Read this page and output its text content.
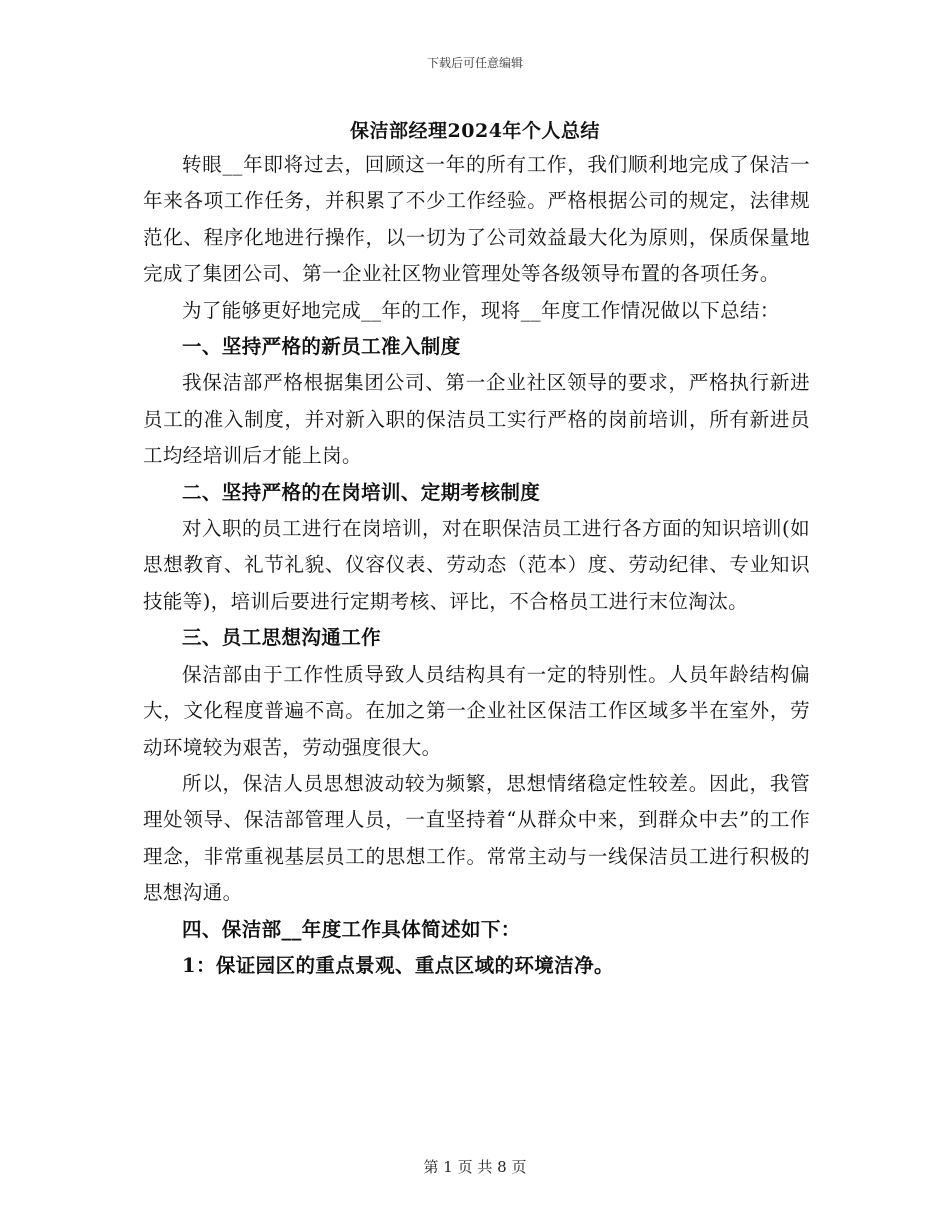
下载后可任意编辑
保洁部经理2024年个人总结

转眼__年即将过去，回顾这一年的所有工作，我们顺利地完成了保洁一年来各项工作任务，并积累了不少工作经验。严格根据公司的规定，法律规范化、程序化地进行操作，以一切为了公司效益最大化为原则，保质保量地完成了集团公司、第一企业社区物业管理处等各级领导布置的各项任务。

为了能够更好地完成__年的工作，现将__年度工作情况做以下总结：

一、坚持严格的新员工准入制度

我保洁部严格根据集团公司、第一企业社区领导的要求，严格执行新进员工的准入制度，并对新入职的保洁员工实行严格的岗前培训，所有新进员工均经培训后才能上岗。

二、坚持严格的在岗培训、定期考核制度

对入职的员工进行在岗培训，对在职保洁员工进行各方面的知识培训(如思想教育、礼节礼貌、仪容仪表、劳动态（范本）度、劳动纪律、专业知识技能等)，培训后要进行定期考核、评比，不合格员工进行末位淘汰。

三、员工思想沟通工作

保洁部由于工作性质导致人员结构具有一定的特别性。人员年龄结构偏大，文化程度普遍不高。在加之第一企业社区保洁工作区域多半在室外，劳动环境较为艰苦，劳动强度很大。

所以，保洁人员思想波动较为频繁，思想情绪稳定性较差。因此，我管理处领导、保洁部管理人员，一直坚持着“从群众中来，到群众中去”的工作理念，非常重视基层员工的思想工作。常常主动与一线保洁员工进行积极的思想沟通。

四、保洁部__年度工作具体简述如下：

1：保证园区的重点景观、重点区域的环境洁净。

第 1 页 共 8 页
